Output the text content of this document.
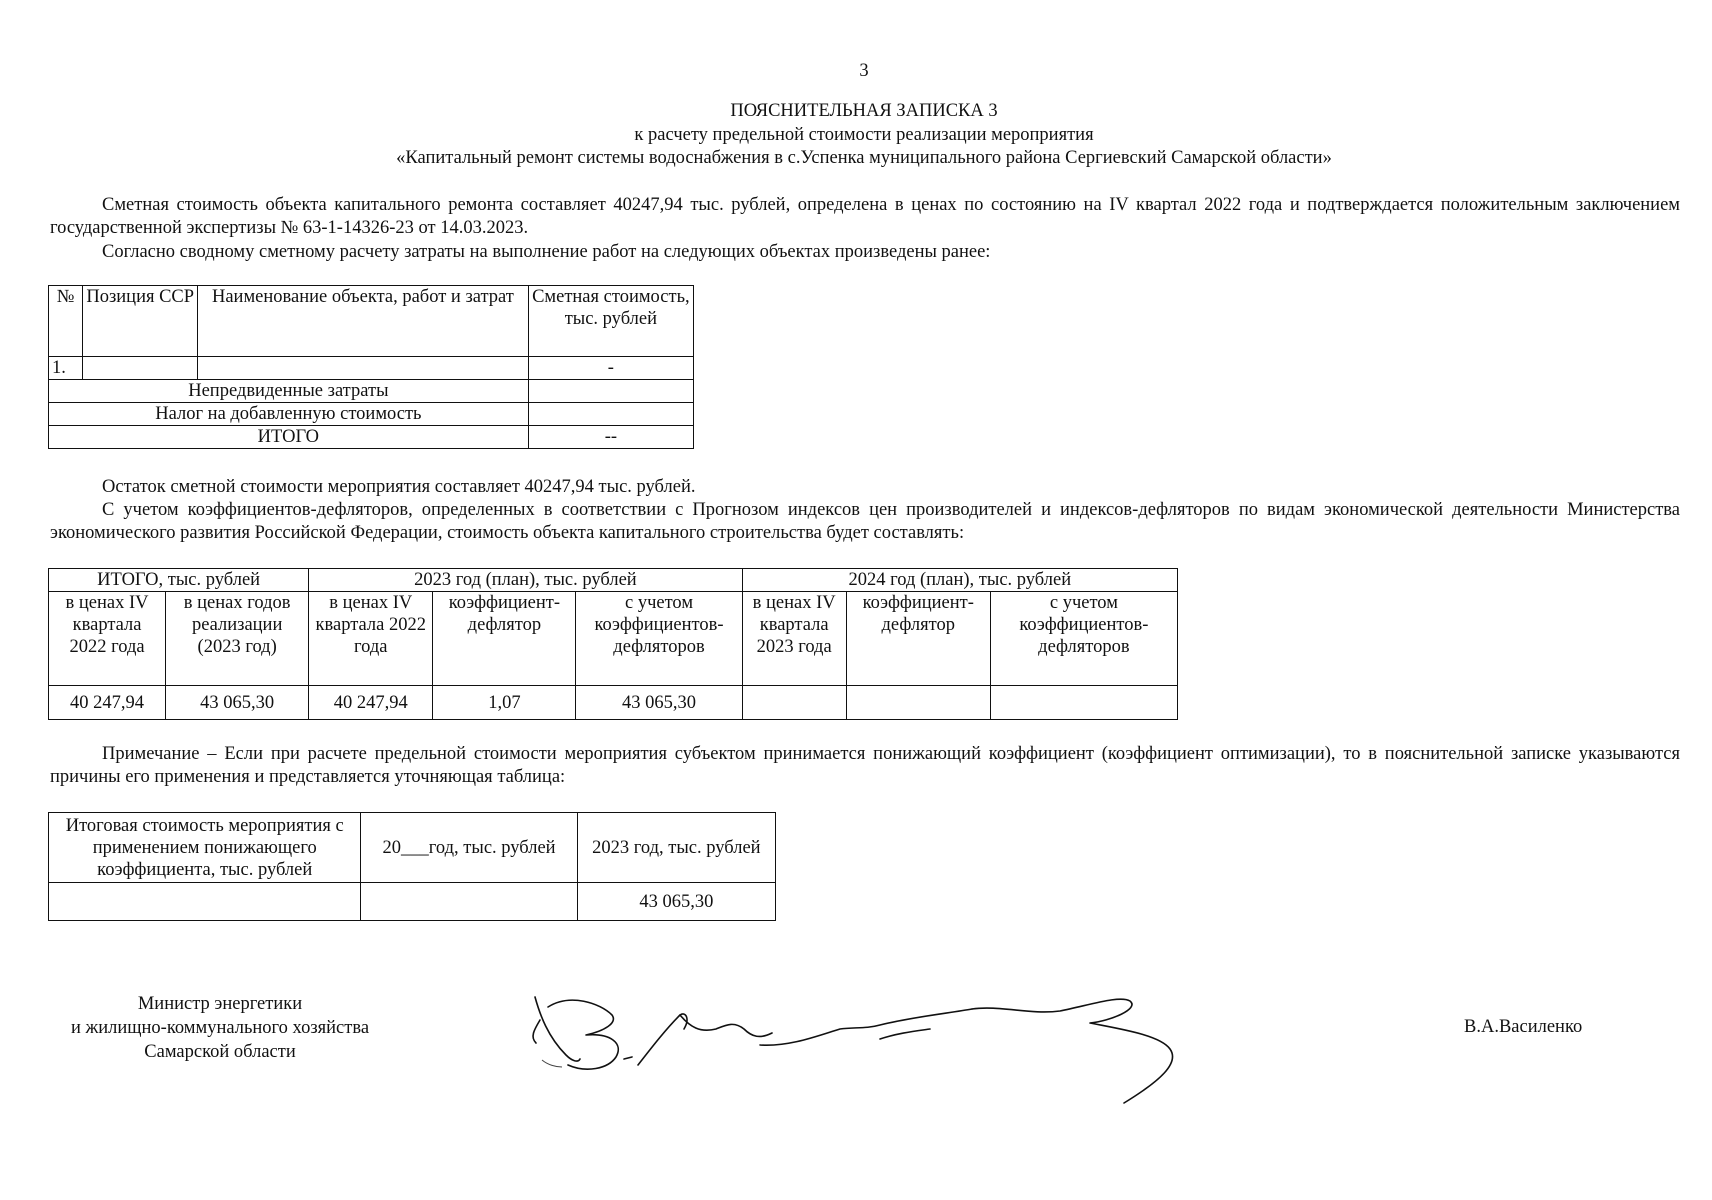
3
ПОЯСНИТЕЛЬНАЯ ЗАПИСКА 3
к расчету предельной стоимости реализации мероприятия
«Капитальный ремонт системы водоснабжения в с.Успенка муниципального района Сергиевский Самарской области»
Сметная стоимость объекта капитального ремонта составляет 40247,94 тыс. рублей, определена в ценах по состоянию на IV квартал 2022 года и подтверждается положительным заключением государственной экспертизы № 63-1-14326-23 от 14.03.2023.
Согласно сводному сметному расчету затраты на выполнение работ на следующих объектах произведены ранее:
№	Позиция ССР	Наименование объекта, работ и затрат	Сметная стоимость, тыс. рублей
1.			-
Непредвиденные затраты			
Налог на добавленную стоимость			
ИТОГО			--
Остаток сметной стоимости мероприятия составляет 40247,94 тыс. рублей.
С учетом коэффициентов-дефляторов, определенных в соответствии с Прогнозом индексов цен производителей и индексов-дефляторов по видам экономической деятельности Министерства экономического развития Российской Федерации, стоимость объекта капитального строительства будет составлять:
ИТОГО, тыс. рублей		2023 год (план), тыс. рублей			2024 год (план), тыс. рублей		
в ценах IV квартала 2022 года	в ценах годов реализации (2023 год)	в ценах IV квартала 2022 года	коэффициент-дефлятор	с учетом коэффициентов-дефляторов	в ценах IV квартала 2023 года	коэффициент-дефлятор	с учетом коэффициентов-дефляторов
40 247,94	43 065,30	40 247,94	1,07	43 065,30			
Примечание – Если при расчете предельной стоимости мероприятия субъектом принимается понижающий коэффициент (коэффициент оптимизации), то в пояснительной записке указываются причины его применения и представляется уточняющая таблица:
Итоговая стоимость мероприятия с применением понижающего коэффициента, тыс. рублей	20___год, тыс. рублей	2023 год, тыс. рублей
		43 065,30
Министр энергетики
и жилищно-коммунального хозяйства
Самарской области
В.А.Василенко
